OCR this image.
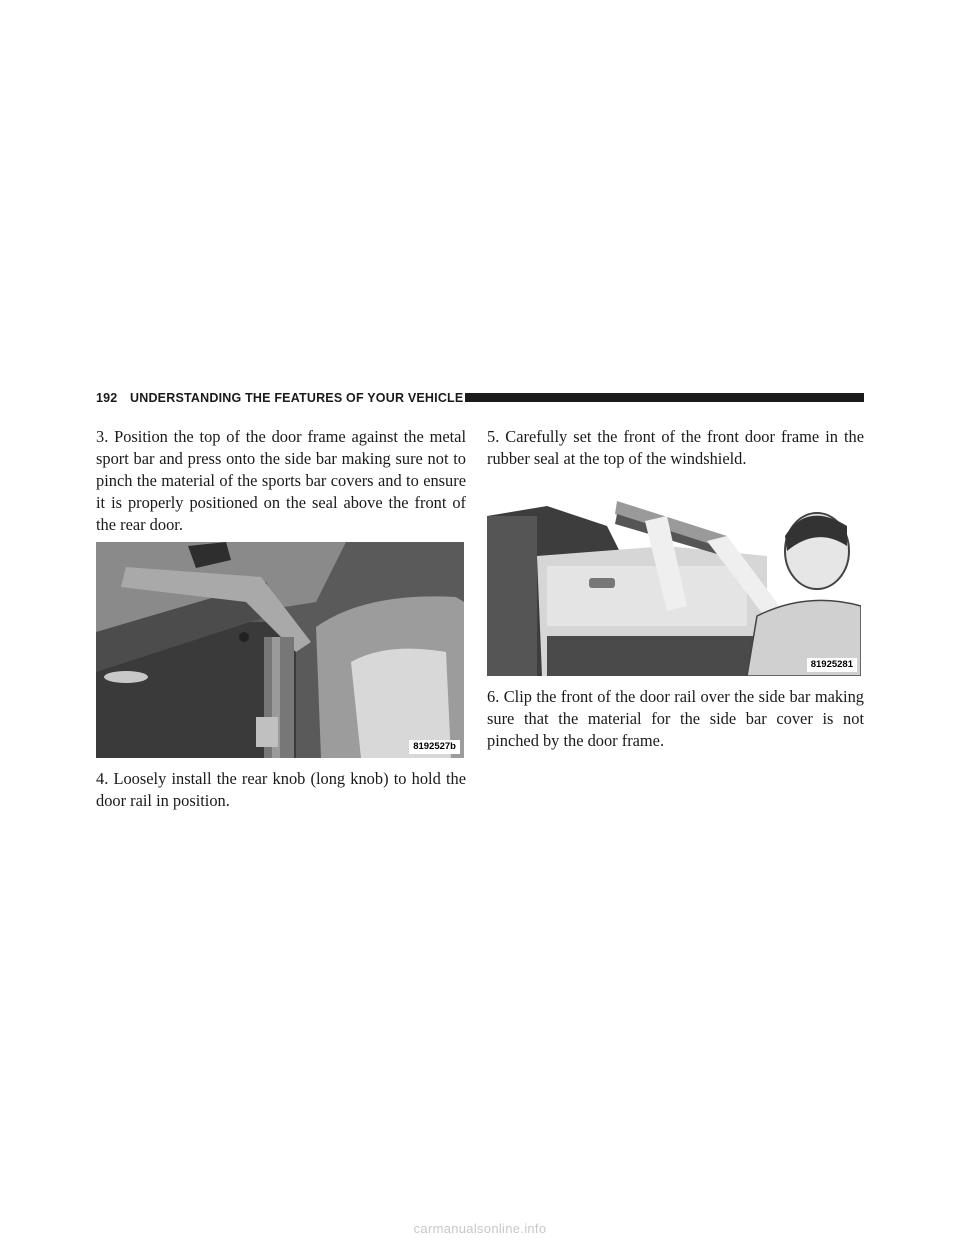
192 UNDERSTANDING THE FEATURES OF YOUR VEHICLE

3. Position the top of the door frame against the metal sport bar and press onto the side bar making sure not to pinch the material of the sports bar covers and to ensure it is properly positioned on the seal above the front of the rear door.

8192527b

4. Loosely install the rear knob (long knob) to hold the door rail in position.

5. Carefully set the front of the front door frame in the rubber seal at the top of the windshield.

81925281

6. Clip the front of the door rail over the side bar making sure that the material for the side bar cover is not pinched by the door frame.

carmanualsonline.info
